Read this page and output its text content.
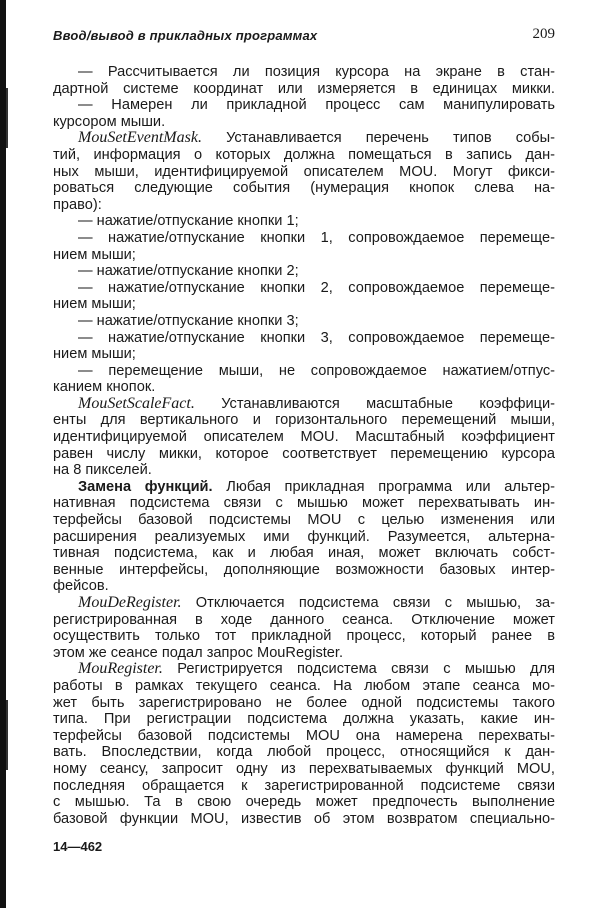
Ввод/вывод в прикладных программах	209
— Рассчитывается ли позиция курсора на экране в стан-
дартной системе координат или измеряется в единицах микки.
— Намерен ли прикладной процесс сам манипулировать
курсором мыши.
MouSetEventMask. Устанавливается перечень типов собы-
тий, информация о которых должна помещаться в запись дан-
ных мыши, идентифицируемой описателем MOU. Могут фикси-
роваться следующие события (нумерация кнопок слева на-
право):
— нажатие/отпускание кнопки 1;
— нажатие/отпускание кнопки 1, сопровождаемое перемеще-
нием мыши;
— нажатие/отпускание кнопки 2;
— нажатие/отпускание кнопки 2, сопровождаемое перемеще-
нием мыши;
— нажатие/отпускание кнопки 3;
— нажатие/отпускание кнопки 3, сопровождаемое перемеще-
нием мыши;
— перемещение мыши, не сопровождаемое нажатием/отпус-
канием кнопок.
MouSetScaleFact. Устанавливаются масштабные коэффици-
енты для вертикального и горизонтального перемещений мыши,
идентифицируемой описателем MOU. Масштабный коэффициент
равен числу микки, которое соответствует перемещению курсора
на 8 пикселей.
Замена функций. Любая прикладная программа или альтер-
нативная подсистема связи с мышью может перехватывать ин-
терфейсы базовой подсистемы MOU с целью изменения или
расширения реализуемых ими функций. Разумеется, альтерна-
тивная подсистема, как и любая иная, может включать собст-
венные интерфейсы, дополняющие возможности базовых интер-
фейсов.
MouDeRegister. Отключается подсистема связи с мышью, за-
регистрированная в ходе данного сеанса. Отключение может
осуществить только тот прикладной процесс, который ранее в
этом же сеансе подал запрос MouRegister.
MouRegister. Регистрируется подсистема связи с мышью для
работы в рамках текущего сеанса. На любом этапе сеанса мо-
жет быть зарегистрировано не более одной подсистемы такого
типа. При регистрации подсистема должна указать, какие ин-
терфейсы базовой подсистемы MOU она намерена перехваты-
вать. Впоследствии, когда любой процесс, относящийся к дан-
ному сеансу, запросит одну из перехватываемых функций MOU,
последняя обращается к зарегистрированной подсистеме связи
с мышью. Та в свою очередь может предпочесть выполнение
базовой функции MOU, известив об этом возвратом специально-
14—462
